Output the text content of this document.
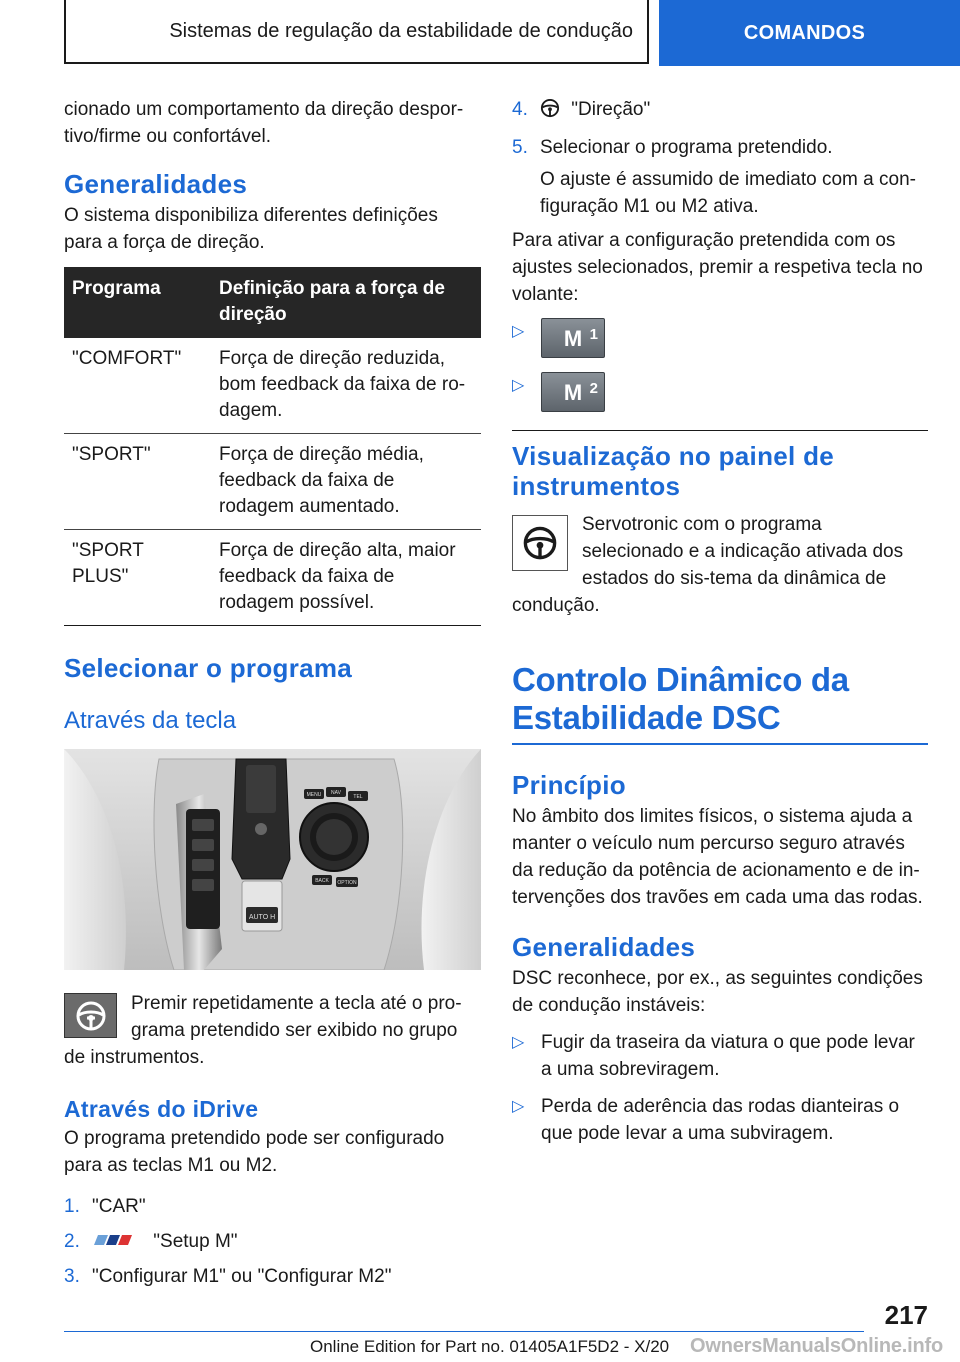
Sistemas de regulação da estabilidade de condução	COMANDOS

cionado um comportamento da direção despor-tivo/firme ou confortável.

Generalidades

O sistema disponibiliza diferentes definições para a força de direção.

Programa	Definição para a força de direção
"COMFORT"	Força de direção reduzida, bom feedback da faixa de ro-dagem.
"SPORT"	Força de direção média, feedback da faixa de rodagem aumentado.
"SPORT PLUS"	Força de direção alta, maior feedback da faixa de rodagem possível.
Selecionar o programa
Através da tecla
AUTO H
MENU NAV
TEL
BACK OPTION

Premir repetidamente a tecla até o pro-grama pretendido ser exibido no grupo de instrumentos.

Através do iDrive

O programa pretendido pode ser configurado para as teclas M1 ou M2.

1. "CAR"
2.	"Setup M"
3. "Configurar M1" ou "Configurar M2"
4. "Direção"
5. Selecionar o programa pretendido.

O ajuste é assumido de imediato com a con-figuração M1 ou M2 ativa.

Para ativar a configuração pretendida com os ajustes selecionados, premir a respetiva tecla no volante:

▷ M 1
▷ M 2
Visualização no painel de instrumentos

Servotronic com o programa selecionado e a indicação ativada dos estados do sis-tema da dinâmica de condução.

Controlo Dinâmico da Estabilidade DSC
Princípio

No âmbito dos limites físicos, o sistema ajuda a manter o veículo num percurso seguro através da redução da potência de acionamento e de in-tervenções dos travões em cada uma das rodas.

Generalidades

DSC reconhece, por ex., as seguintes condições de condução instáveis:

▷ Fugir da traseira da viatura o que pode levar a uma sobreviragem.
▷ Perda de aderência das rodas dianteiras o que pode levar a uma subviragem.
217
Online Edition for Part no. 01405A1F5D2 - X/20 OwnersManualsOnline.info
